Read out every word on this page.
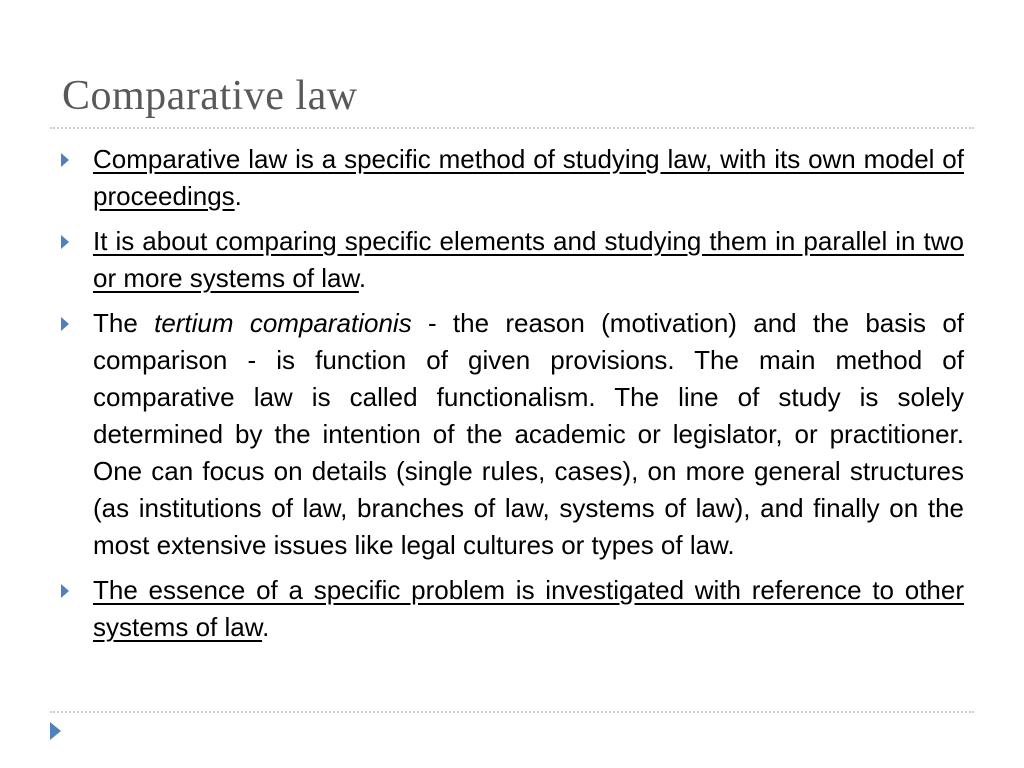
Comparative law
Comparative law is a specific method of studying law, with its own model of proceedings.
It is about comparing specific elements and studying them in parallel in two or more systems of law.
The tertium comparationis - the reason (motivation) and the basis of comparison - is function of given provisions. The main method of comparative law is called functionalism. The line of study is solely determined by the intention of the academic or legislator, or practitioner. One can focus on details (single rules, cases), on more general structures (as institutions of law, branches of law, systems of law), and finally on the most extensive issues like legal cultures or types of law.
The essence of a specific problem is investigated with reference to other systems of law.
